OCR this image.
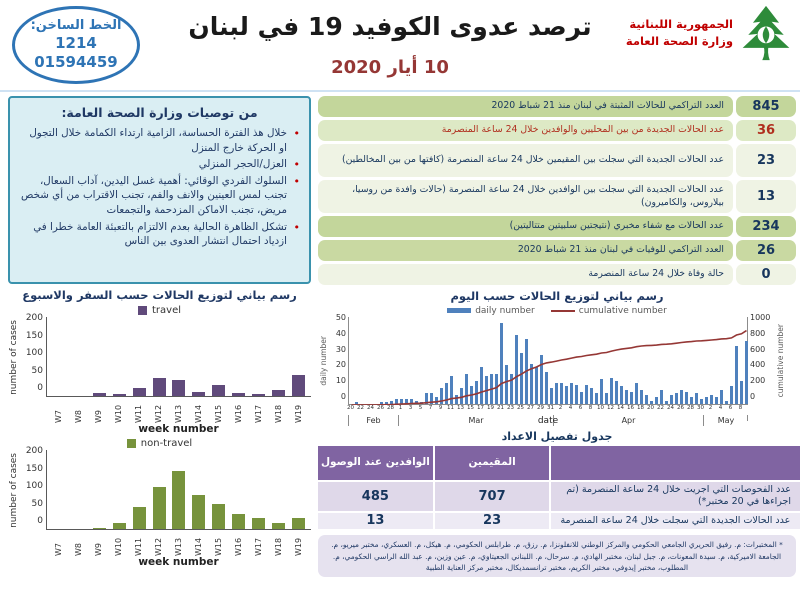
الخط الساخن:
1214
01594459
ترصد عدوى الكوفيد 19 في لبنان
10 أيار 2020
الجمهورية اللبنانية
وزارة الصحة العامة
من توصيات وزارة الصحة العامة:
• خلال هذ الفترة الحساسة، الزامية ارتداء الكمامة خلال التجول او الحركة خارج المنزل
• العزل/الحجر المنزلي
• السلوك الفردي الوقائي: أهمية غسل اليدين، آداب السعال، تجنب لمس العينين والانف والفم، تجنب الاقتراب من أي شخص مريض، تجنب الاماكن المزدحمة والتجمعات
• تشكل الظاهرة الحالية بعدم الالتزام بالتعبئة العامة خطرا في ازدياد احتمال انتشار العدوى بين الناس
رسم بياني لتوزيع الحالات حسب السفر والاسبوع
travel
number of cases
200
150
100
50
0
W7 W8 W9 W10 W11 W12 W13 W14 W15 W16 W17 W18 W19
week number
non-travel
number of cases
200
150
100
50
0
W7 W8 W9 W10 W11 W12 W13 W14 W15 W16 W17 W18 W19
week number
العدد التراكمي للحالات المثبتة في لبنان منذ 21 شباط 2020	845
عدد الحالات الجديدة من بين المحليين والوافدين خلال 24 ساعة المنصرمة	36
عدد الحالات الجديدة التي سجلت بين المقيمين خلال 24 ساعة المنصرمة (كافتها من بين المخالطين)	23
عدد الحالات الجديدة التي سجلت بين الوافدين خلال 24 ساعة المنصرمة (حالات وافدة من روسيا، بيلاروس، والكاميرون)	13
عدد الحالات مع شفاء مخبري (نتيجتين سلبيتين متتاليتين)	234
العدد التراكمي للوفيات في لبنان منذ 21 شباط 2020	26
حالة وفاة خلال 24 ساعة المنصرمة	0
رسم بياني لتوزيع الحالات حسب اليوم
daily number	cumulative number
daily number
50
40
30
20
10
0
1000
800
600
400
200
0	cumulative number
20 22 24 26 28 1	3	5	7	9 11 13 15 17 19 21 23 25 27 29 31 2	4	6	8 10 12 14 16 18 20 22 24 26 28 30 2	4	6	8
Feb	Mar	Apr	May
date
جدول تفصيل الاعداد
الوافدين عند الوصول	المقيمين
485	707	عدد الفحوصات التي اجريت خلال 24 ساعة المنصرمة (تم اجراءها في 20 مختبر*)
13	23	عدد الحالات الجديدة التي سجلت خلال 24 ساعة المنصرمة
* المختبرات: م. رفيق الحريري الجامعي الحكومي والمركز الوطني للانفلونزا، م. رزق، م. طرابلس الحكومي، م. هيكل، م. العسكري، مختبر ميريو، م. الجامعة الاميركية، م. سيدة المعونات، م. جبل لبنان، مختبر الهادي، م. سرحال، م. اللبناني الجعيتاوي، م. عين وزين، م. عبد الله الراسي الحكومي، م. المطلوب، مختبر إيدوفي، مختبر الكريم، مختبر ترانسمديكال، مختبر مركز العناية الطبية
